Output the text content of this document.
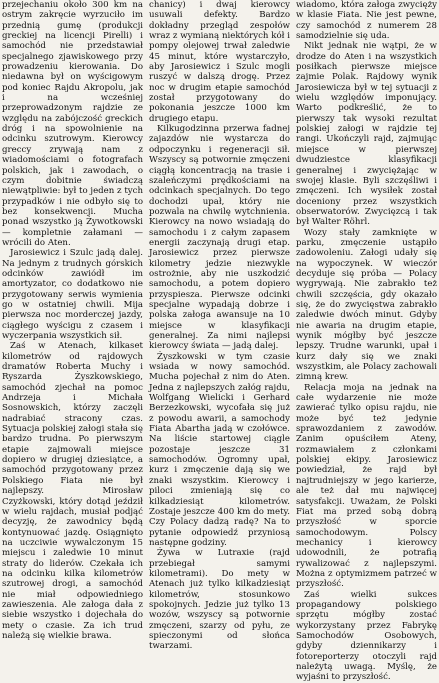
przejechaniu około 300 km na ostrym zakręcie wyrzuciło im przednią gumę (produkcji greckiej na licencji Pirelli) i samochód nie przedstawiał specjalnego zjawiskowego przy prowadzeniu kierowania. Do niedawna był on wyścigowym pod koniec Rajdu Akropolu, jak i na wcześniej przeprowadzonym rajdzie ze względu na zabójczość greckich dróg i na spowolnienie na odcinku szutrowym. Kierowcy greccy zrywają nam z wiadomościami o fotografach polskich, jak i zawodach, o czym dobitnie świadczą niewątpliwie: był to jeden z tych przypadków i nie odbyło się to bez konsekwencji. Mucha ponad wszystko ją Żywotkowski — kompletnie załamani — wrócili do Aten.

Jarosiewicz i Szulc jadą dalej. Na jednym z trudnych górskich odcinków zawiódł im amortyzator, co dodatkowo nie przygotowany serwis wymienia go w ostatniej chwili. Mija pierwsza noc morderczej jazdy, ciągłego wyścigu z czasem i wyczerpania wszystkich sił.

Zaś w Atenach, kilkaset kilometrów od rajdowych dramatów Roberta Muchy i Ryszarda Żyszkowskiego, samochód zjechał na pomoc Andrzeja i Michała Sosnowskich, którzy zaczęli nadrabiać stracony czas. Sytuacja polskiej załogi stała się bardzo trudna. Po pierwszym etapie zajmowali miejsce dopiero w drugiej dziesiątce, a samochód przygotowany przez Polskiego Fiata nie był najlepszy. Mirosław Czyżkowski, który dotąd jeździł w wielu rajdach, musiał podjąć decyzję, że zawodnicy będą kontynuować jazdę. Osiągnięto na uczciwie wywalczonym 15 miejscu i zaledwie 10 minut straty do liderów. Czekała ich na odcinku kilka kilometrów szutrowej drogi, a samochód nie miał odpowiedniego zawieszenia. Ale załoga dała z siebie wszystko i dojechała do mety o czasie. Za ich trud należą się wielkie brawa.

chanicy) i dwaj kierowcy usuwali defekty. Bardzo dokładny przegląd zespołów wraz z wymianą niektórych kół i pompy olejowej trwał zaledwie 45 minut, które wystarczyło, aby Jarosiewicz i Szulc mogli ruszyć w dalszą drogę. Przez noc w drugim etapie samochód został przygotowany do pokonania jeszcze 1000 km drugiego etapu.

Kilkugodzinna przerwa fadnej zajazdów nie wystarcza do odpoczynku i regeneracji sił. Wszyscy są potwornie zmęczeni ciągłą koncentracją na trasie i szaleńczymi prędkościami na odcinkach specjalnych. Do tego dochodzi upał, który nie pozwala na chwilę wytchnienia. Kierowcy na nowo wsiadają do samochodu i z całym zapasem energii zaczynają drugi etap. Jarosiewicz przez pierwsze kilometry jedzie niezwykle ostrożnie, aby nie uszkodzić samochodu, a potem dopiero przyspiesza. Pierwsze odcinki specjalne wypadają dobrze i polska załoga awansuje na 10 miejsce w klasyfikacji generalnej. Za nimi najlepsi kierowcy świata — jadą dalej.

Żyszkowski w tym czasie wsiada w nowy samochód. Mucha pojechał z nim do Aten. Jedna z najlepszych załóg rajdu, Wolfgang Wielicki i Gerhard Berzezkowski, wycofała się już z powodu awarii, a samochody Fiata Abartha jadą w czołówce. Na liście startowej ciągle pozostaje jeszcze 31 samochodów. Ogromny upał, kurz i zmęczenie dają się we znaki wszystkim. Kierowcy i piloci zmieniają się co kilkadziesiąt kilometrów. Zostaje jeszcze 400 km do mety. Czy Polacy dadzą radę? Na to pytanie odpowiedź przyniosą następne godziny.

Żywa w Lutraxie (rajd przebiegał samymi kilometrami). Do mety w Atenach już tylko kilkadziesiąt kilometrów, stosunkowo spokojnych. Jedzie już tylko 13 wozów, wszyscy są potwornie zmęczeni, szarzy od pyłu, ze spieczonymi od słońca twarzami.

wiadomo, która załoga zwycięży w klasie Fiata. Nie jest pewne, czy samochód z numerem 28 samodzielnie się uda.

Nikt jednak nie wątpi, że w drodze do Aten i na wszystkich posiłkach pierwsze miejsce zajmie Polak. Rajdowy wynik Jarosiewicza był w tej sytuacji z wielu względów imponujący. Warto podkreślić, że to pierwszy tak wysoki rezultat polskiej załogi w rajdzie tej rangi. Ukończyli rajd, zajmując miejsce w pierwszej dwudziestce klasyfikacji generalnej i zwyciężając w swojej klasie. Byli szczęśliwi i zmęczeni. Ich wysiłek został doceniony przez wszystkich obserwatorów. Zwycięzcą i tak był Walter Röhrl.

Wozy stały zamknięte w parku, zmęczenie ustąpiło zadowoleniu. Załogi udały się na wypoczynek. W wieczór decyduje się próba — Polacy wygrywają. Nie zabrakło też chwili szczęścia, gdy okazało się, że do zwycięstwa zabrakło zaledwie dwóch minut. Gdyby nie awaria na drugim etapie, wynik mógłby być jeszcze lepszy. Trudne warunki, upał i kurz dały się we znaki wszystkim, ale Polacy zachowali zimną krew.

Relacja moja na jednak na całe wydarzenie nie może zawierać tylko opisu rajdu, nie może być też jedynie sprawozdaniem z zawodów. Zanim opuściłem Ateny, rozmawiałem z członkami polskiej ekipy. Jarosiewicz powiedział, że rajd był najtrudniejszy w jego karierze, ale też dał mu najwięcej satysfakcji. Uważam, że Polski Fiat ma przed sobą dobrą przyszłość w sporcie samochodowym. Polscy mechanicy i kierowcy udowodnili, że potrafią rywalizować z najlepszymi. Można z optymizmem patrzeć w przyszłość.

Zaś wielki sukces propagandowy polskiego sprzętu mógłby zostać wykorzystany przez Fabrykę Samochodów Osobowych, gdyby dziennikarzy i fotoreporterzy otoczyli rajd należytą uwagą. Myślę, że wyjaśni to przyszłość.
